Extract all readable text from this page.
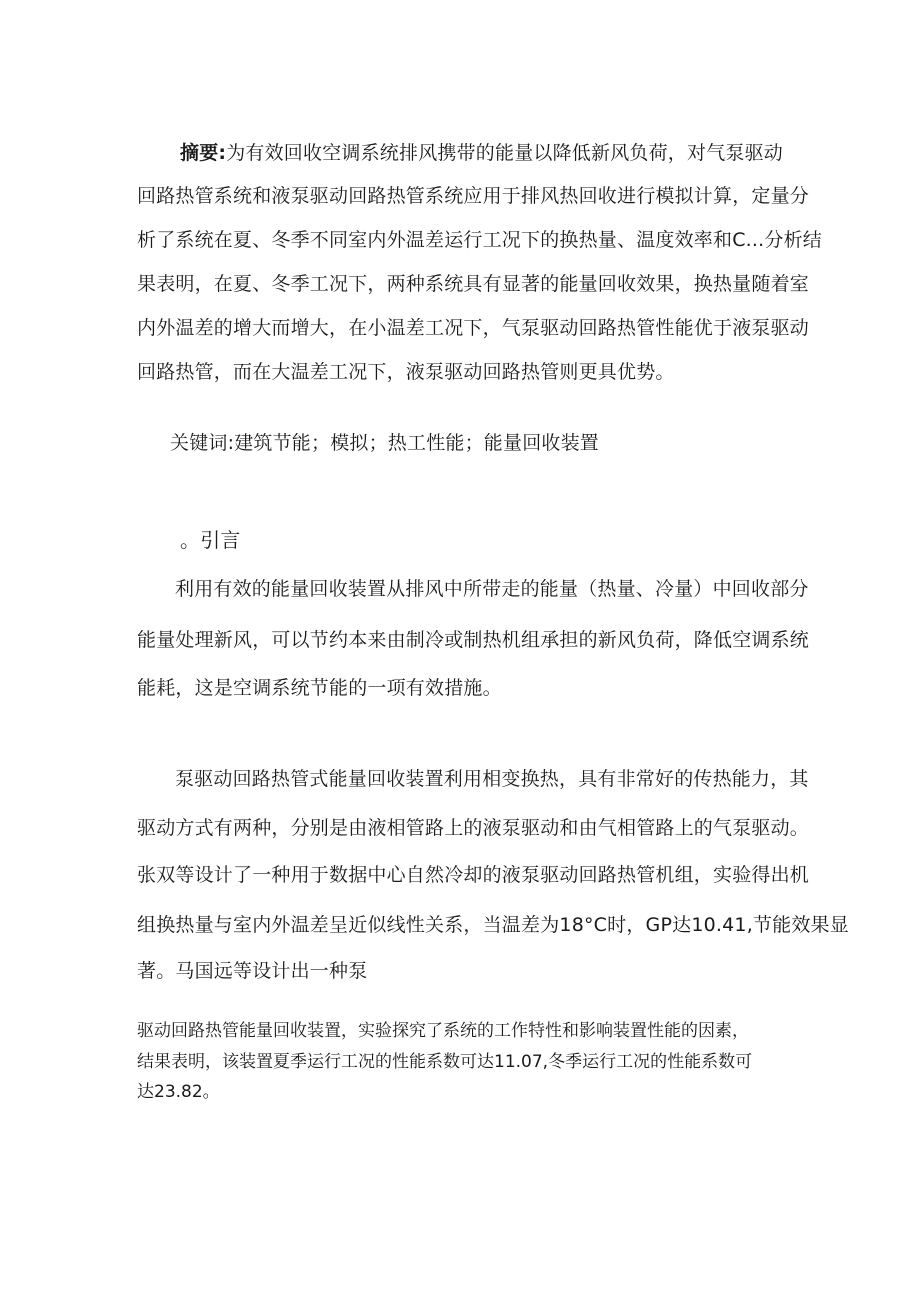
摘要:为有效回收空调系统排风携带的能量以降低新风负荷，对气泵驱动

回路热管系统和液泵驱动回路热管系统应用于排风热回收进行模拟计算，定量分

析了系统在夏、冬季不同室内外温差运行工况下的换热量、温度效率和C...分析结

果表明，在夏、冬季工况下，两种系统具有显著的能量回收效果，换热量随着室

内外温差的增大而增大，在小温差工况下，气泵驱动回路热管性能优于液泵驱动

回路热管，而在大温差工况下，液泵驱动回路热管则更具优势。

关键词:建筑节能；模拟；热工性能；能量回收装置

。引言

利用有效的能量回收装置从排风中所带走的能量（热量、冷量）中回收部分

能量处理新风，可以节约本来由制冷或制热机组承担的新风负荷，降低空调系统

能耗，这是空调系统节能的一项有效措施。

泵驱动回路热管式能量回收装置利用相变换热，具有非常好的传热能力，其

驱动方式有两种，分别是由液相管路上的液泵驱动和由气相管路上的气泵驱动。

张双等设计了一种用于数据中心自然冷却的液泵驱动回路热管机组，实验得出机

组换热量与室内外温差呈近似线性关系，当温差为18°C时，GP达10.41,节能效果显

著。马国远等设计出一种泵

驱动回路热管能量回收装置，实验探究了系统的工作特性和影响装置性能的因素，

结果表明，该装置夏季运行工况的性能系数可达11.07,冬季运行工况的性能系数可

达23.82。
